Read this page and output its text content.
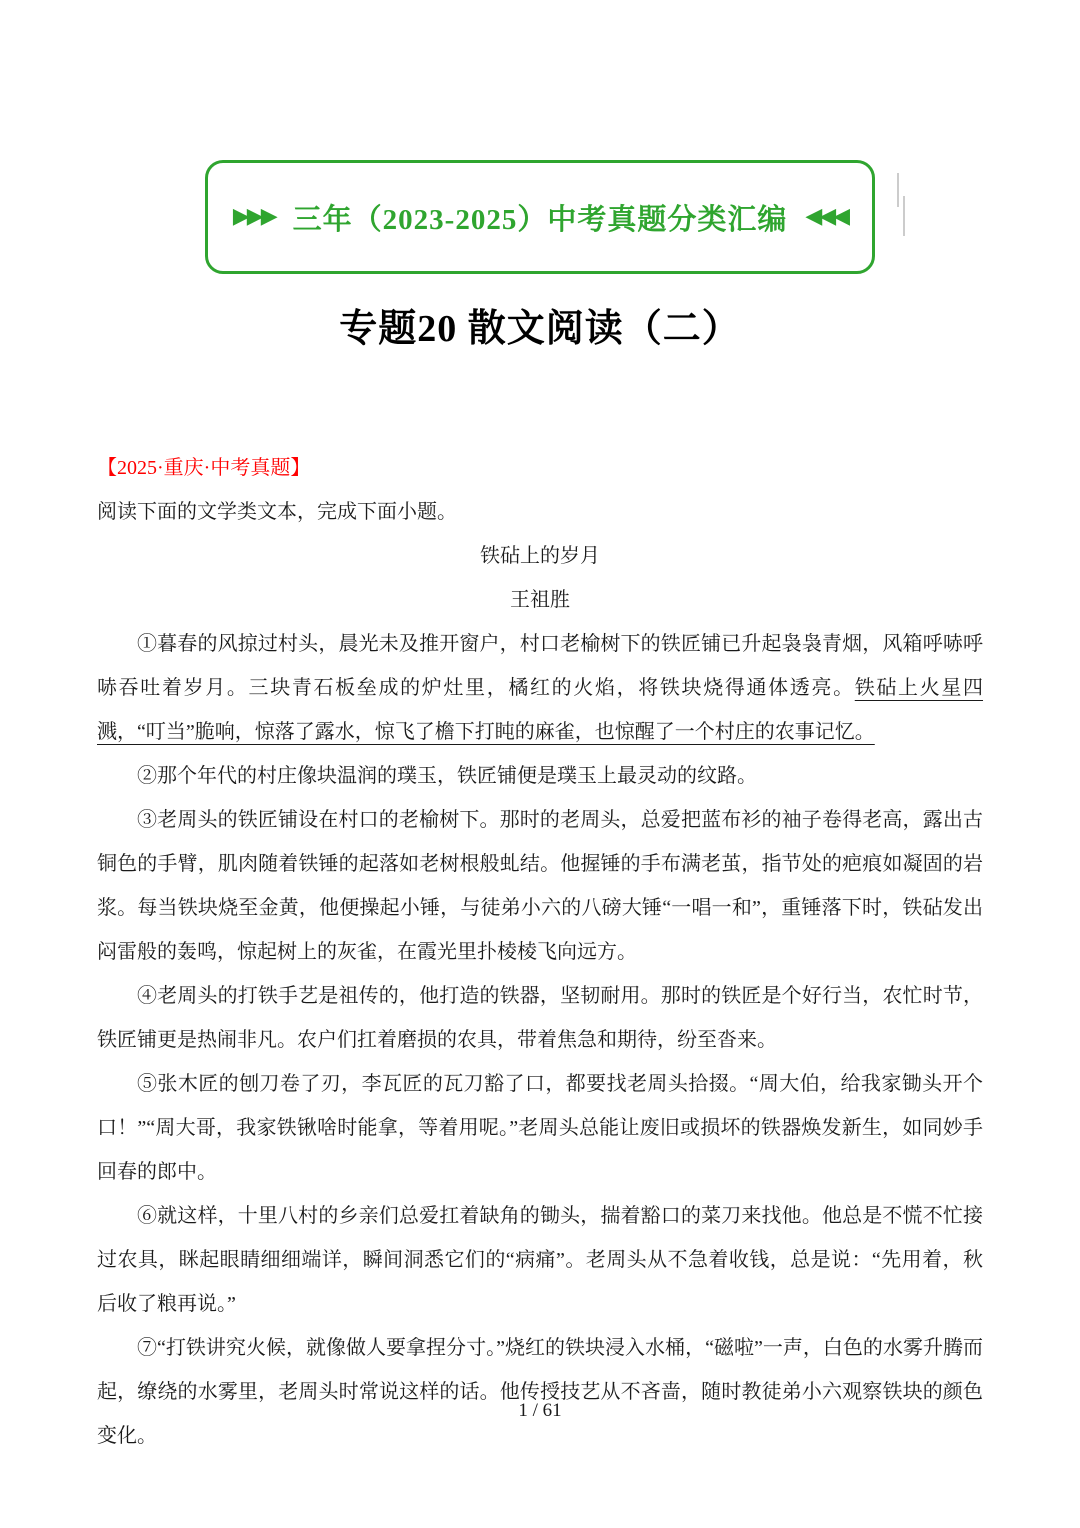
▶▶▶ 三年（2023-2025）中考真题分类汇编 ◀◀◀
专题20 散文阅读（二）

【2025·重庆·中考真题】

阅读下面的文学类文本，完成下面小题。

铁砧上的岁月

王祖胜

①暮春的风掠过村头，晨光未及推开窗户，村口老榆树下的铁匠铺已升起袅袅青烟，风箱呼哧呼哧吞吐着岁月。三块青石板垒成的炉灶里，橘红的火焰，将铁块烧得通体透亮。铁砧上火星四溅，“叮当”脆响，惊落了露水，惊飞了檐下打盹的麻雀，也惊醒了一个村庄的农事记忆。

②那个年代的村庄像块温润的璞玉，铁匠铺便是璞玉上最灵动的纹路。

③老周头的铁匠铺设在村口的老榆树下。那时的老周头，总爱把蓝布衫的袖子卷得老高，露出古铜色的手臂，肌肉随着铁锤的起落如老树根般虬结。他握锤的手布满老茧，指节处的疤痕如凝固的岩浆。每当铁块烧至金黄，他便操起小锤，与徒弟小六的八磅大锤“一唱一和”，重锤落下时，铁砧发出闷雷般的轰鸣，惊起树上的灰雀，在霞光里扑棱棱飞向远方。

④老周头的打铁手艺是祖传的，他打造的铁器，坚韧耐用。那时的铁匠是个好行当，农忙时节，铁匠铺更是热闹非凡。农户们扛着磨损的农具，带着焦急和期待，纷至沓来。

⑤张木匠的刨刀卷了刃，李瓦匠的瓦刀豁了口，都要找老周头拾掇。“周大伯，给我家锄头开个口！”“周大哥，我家铁锹啥时能拿，等着用呢。”老周头总能让废旧或损坏的铁器焕发新生，如同妙手回春的郎中。

⑥就这样，十里八村的乡亲们总爱扛着缺角的锄头，揣着豁口的菜刀来找他。他总是不慌不忙接过农具，眯起眼睛细细端详，瞬间洞悉它们的“病痛”。老周头从不急着收钱，总是说：“先用着，秋后收了粮再说。”

⑦“打铁讲究火候，就像做人要拿捏分寸。”烧红的铁块浸入水桶，“磁啦”一声，白色的水雾升腾而起，缭绕的水雾里，老周头时常说这样的话。他传授技艺从不吝啬，随时教徒弟小六观察铁块的颜色变化。

1 / 61
